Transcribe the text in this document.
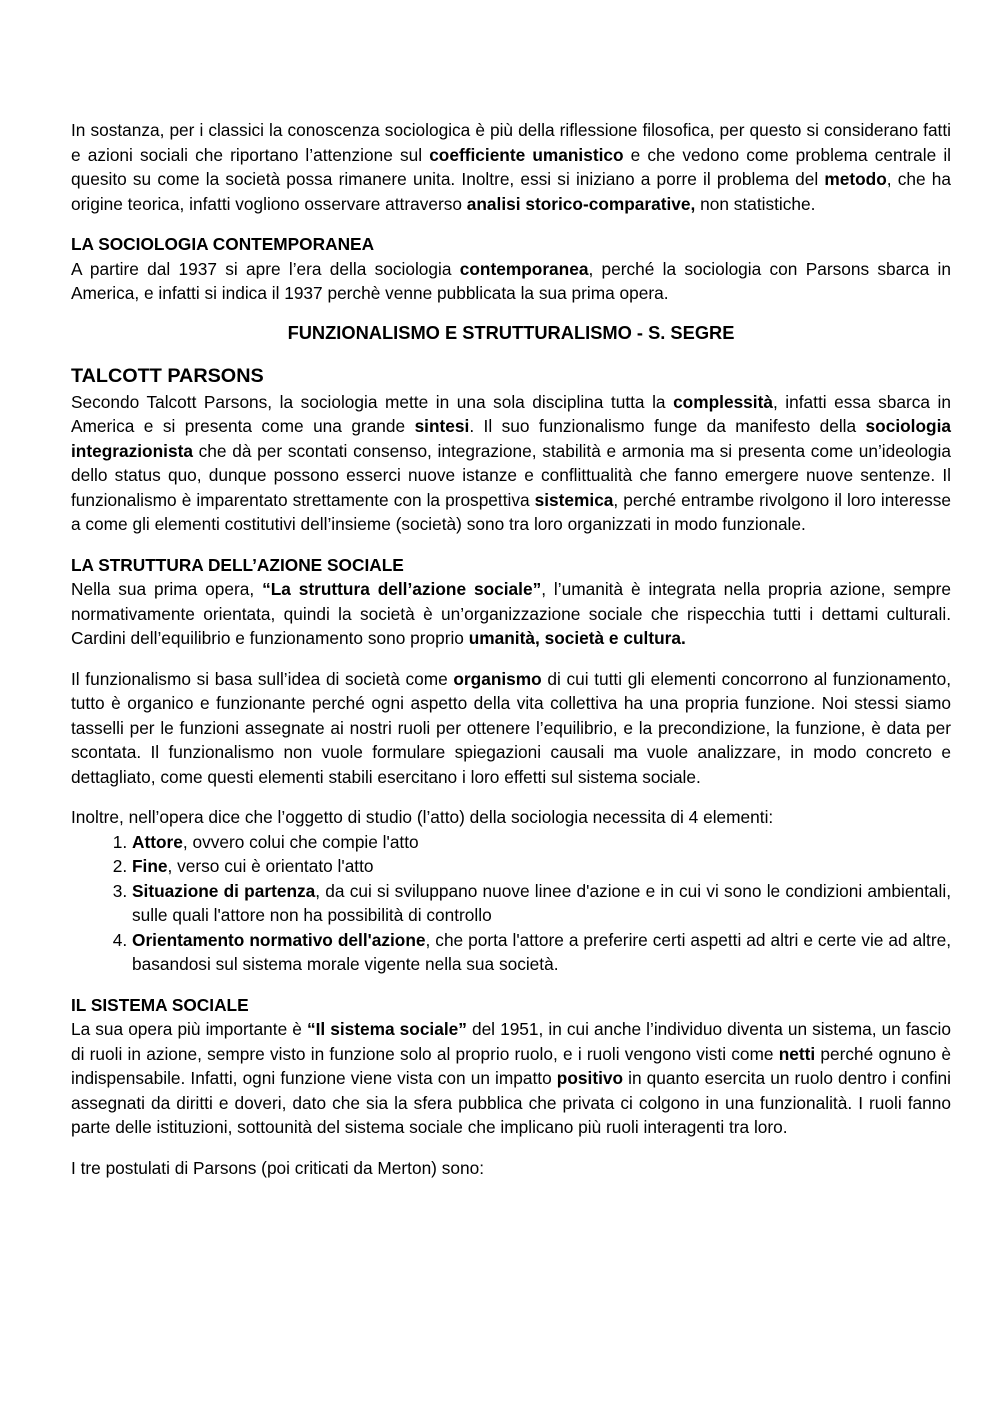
In sostanza, per i classici la conoscenza sociologica è più della riflessione filosofica, per questo si considerano fatti e azioni sociali che riportano l’attenzione sul coefficiente umanistico e che vedono come problema centrale il quesito su come la società possa rimanere unita. Inoltre, essi si iniziano a porre il problema del metodo, che ha origine teorica, infatti vogliono osservare attraverso analisi storico-comparative, non statistiche.

LA SOCIOLOGIA CONTEMPORANEA

A partire dal 1937 si apre l’era della sociologia contemporanea, perché la sociologia con Parsons sbarca in America, e infatti si indica il 1937 perchè venne pubblicata la sua prima opera.

FUNZIONALISMO E STRUTTURALISMO - S. SEGRE
TALCOTT PARSONS

Secondo Talcott Parsons, la sociologia mette in una sola disciplina tutta la complessità, infatti essa sbarca in America e si presenta come una grande sintesi. Il suo funzionalismo funge da manifesto della sociologia integrazionista che dà per scontati consenso, integrazione, stabilità e armonia ma si presenta come un’ideologia dello status quo, dunque possono esserci nuove istanze e conflittualità che fanno emergere nuove sentenze. Il funzionalismo è imparentato strettamente con la prospettiva sistemica, perché entrambe rivolgono il loro interesse a come gli elementi costitutivi dell’insieme (società) sono tra loro organizzati in modo funzionale.

LA STRUTTURA DELL’AZIONE SOCIALE

Nella sua prima opera, “La struttura dell’azione sociale”, l’umanità è integrata nella propria azione, sempre normativamente orientata, quindi la società è un’organizzazione sociale che rispecchia tutti i dettami culturali. Cardini dell’equilibrio e funzionamento sono proprio umanità, società e cultura.

Il funzionalismo si basa sull’idea di società come organismo di cui tutti gli elementi concorrono al funzionamento, tutto è organico e funzionante perché ogni aspetto della vita collettiva ha una propria funzione. Noi stessi siamo tasselli per le funzioni assegnate ai nostri ruoli per ottenere l’equilibrio, e la precondizione, la funzione, è data per scontata. Il funzionalismo non vuole formulare spiegazioni causali ma vuole analizzare, in modo concreto e dettagliato, come questi elementi stabili esercitano i loro effetti sul sistema sociale.

Inoltre, nell’opera dice che l’oggetto di studio (l’atto) della sociologia necessita di 4 elementi:

1. Attore, ovvero colui che compie l'atto
2. Fine, verso cui è orientato l'atto
3. Situazione di partenza, da cui si sviluppano nuove linee d'azione e in cui vi sono le condizioni ambientali, sulle quali l'attore non ha possibilità di controllo
4. Orientamento normativo dell'azione, che porta l'attore a preferire certi aspetti ad altri e certe vie ad altre, basandosi sul sistema morale vigente nella sua società.
IL SISTEMA SOCIALE

La sua opera più importante è “Il sistema sociale” del 1951, in cui anche l’individuo diventa un sistema, un fascio di ruoli in azione, sempre visto in funzione solo al proprio ruolo, e i ruoli vengono visti come netti perché ognuno è indispensabile. Infatti, ogni funzione viene vista con un impatto positivo in quanto esercita un ruolo dentro i confini assegnati da diritti e doveri, dato che sia la sfera pubblica che privata ci colgono in una funzionalità. I ruoli fanno parte delle istituzioni, sottounità del sistema sociale che implicano più ruoli interagenti tra loro.

I tre postulati di Parsons (poi criticati da Merton) sono:
